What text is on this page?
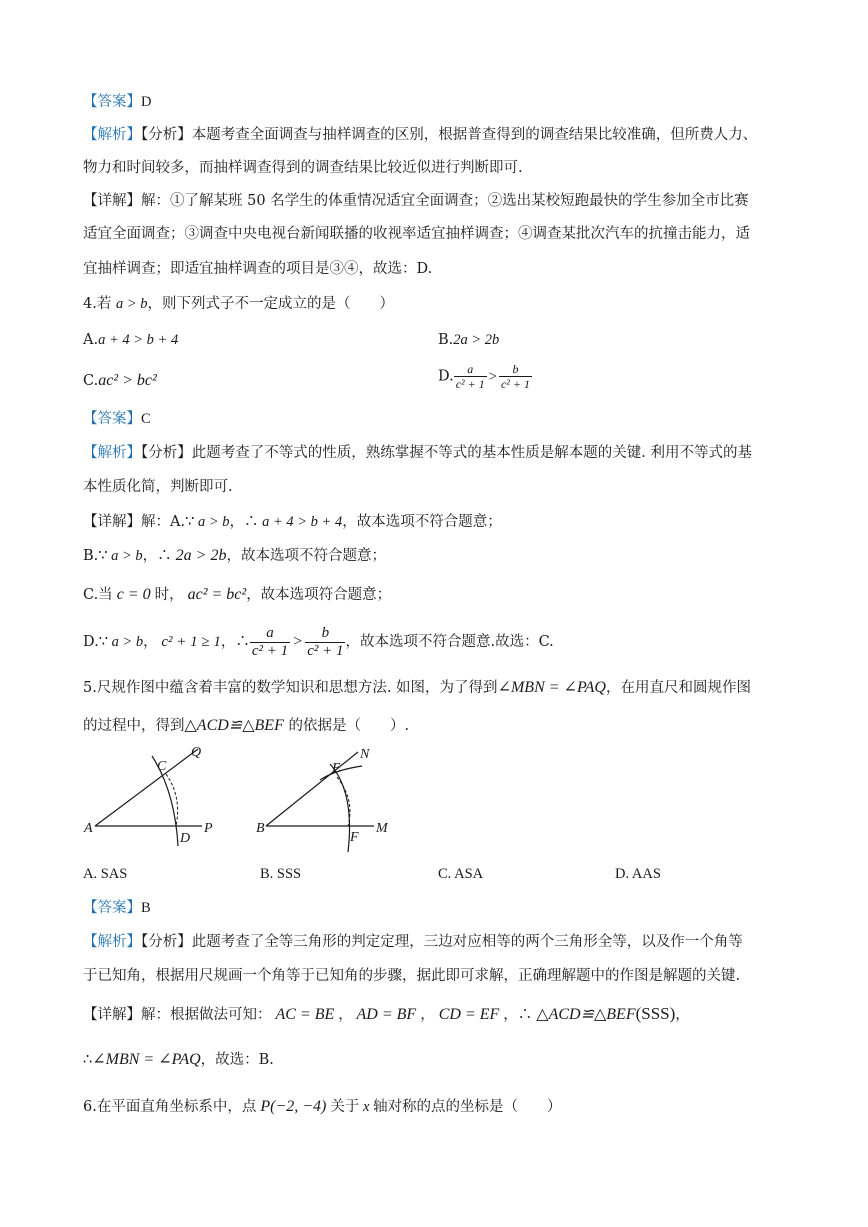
【答案】D
【解析】【分析】本题考查全面调查与抽样调查的区别，根据普查得到的调查结果比较准确，但所费人力、
物力和时间较多，而抽样调查得到的调查结果比较近似进行判断即可.
【详解】解：①了解某班 50 名学生的体重情况适宜全面调查；②选出某校短跑最快的学生参加全市比赛
适宜全面调查；③调查中央电视台新闻联播的收视率适宜抽样调查；④调查某批次汽车的抗撞击能力，适
宜抽样调查；即适宜抽样调查的项目是③④，故选：D.
4.若 a > b，则下列式子不一定成立的是（　　）
A.a + 4 > b + 4	B.2a > 2b
C.ac² > bc²	D. $\frac{a}{\text{c² + 1}} > \frac{b}{\text{c² + 1}}$
【答案】C
【解析】【分析】此题考查了不等式的性质，熟练掌握不等式的基本性质是解本题的关键. 利用不等式的基
本性质化简，判断即可.
【详解】解：A.∵ a > b，∴ a + 4 > b + 4，故本选项不符合题意；
B.∵ a > b，∴ 2a > 2b，故本选项不符合题意；
C.当 c = 0 时， ac² = bc²，故本选项符合题意；
D.∵ a > b， c² + 1 ≥ 1，∴ $\frac{a}{\text{c² + 1}} > \frac{b}{\text{c² + 1}}$ ，故本选项不符合题意.故选：C.
5.尺规作图中蕴含着丰富的数学知识和思想方法. 如图，为了得到∠MBN = ∠PAQ，在用直尺和圆规作图
的过程中，得到△ACD≌△BEF 的依据是（　　）.
A
C
Q
D
P	B
E
N
F
M
A. SAS	B. SSS	C. ASA	D. AAS
【答案】B
【解析】【分析】此题考查了全等三角形的判定定理，三边对应相等的两个三角形全等，以及作一个角等
于已知角，根据用尺规画一个角等于已知角的步骤，据此即可求解，正确理解题中的作图是解题的关键.
【详解】解：根据做法可知： AC = BE ， AD = BF ， CD = EF ，∴ △ACD≌△BEF(SSS)，
∴∠MBN = ∠PAQ，故选：B.
6.在平面直角坐标系中，点 P(−2, −4) 关于 x 轴对称的点的坐标是（　　）
